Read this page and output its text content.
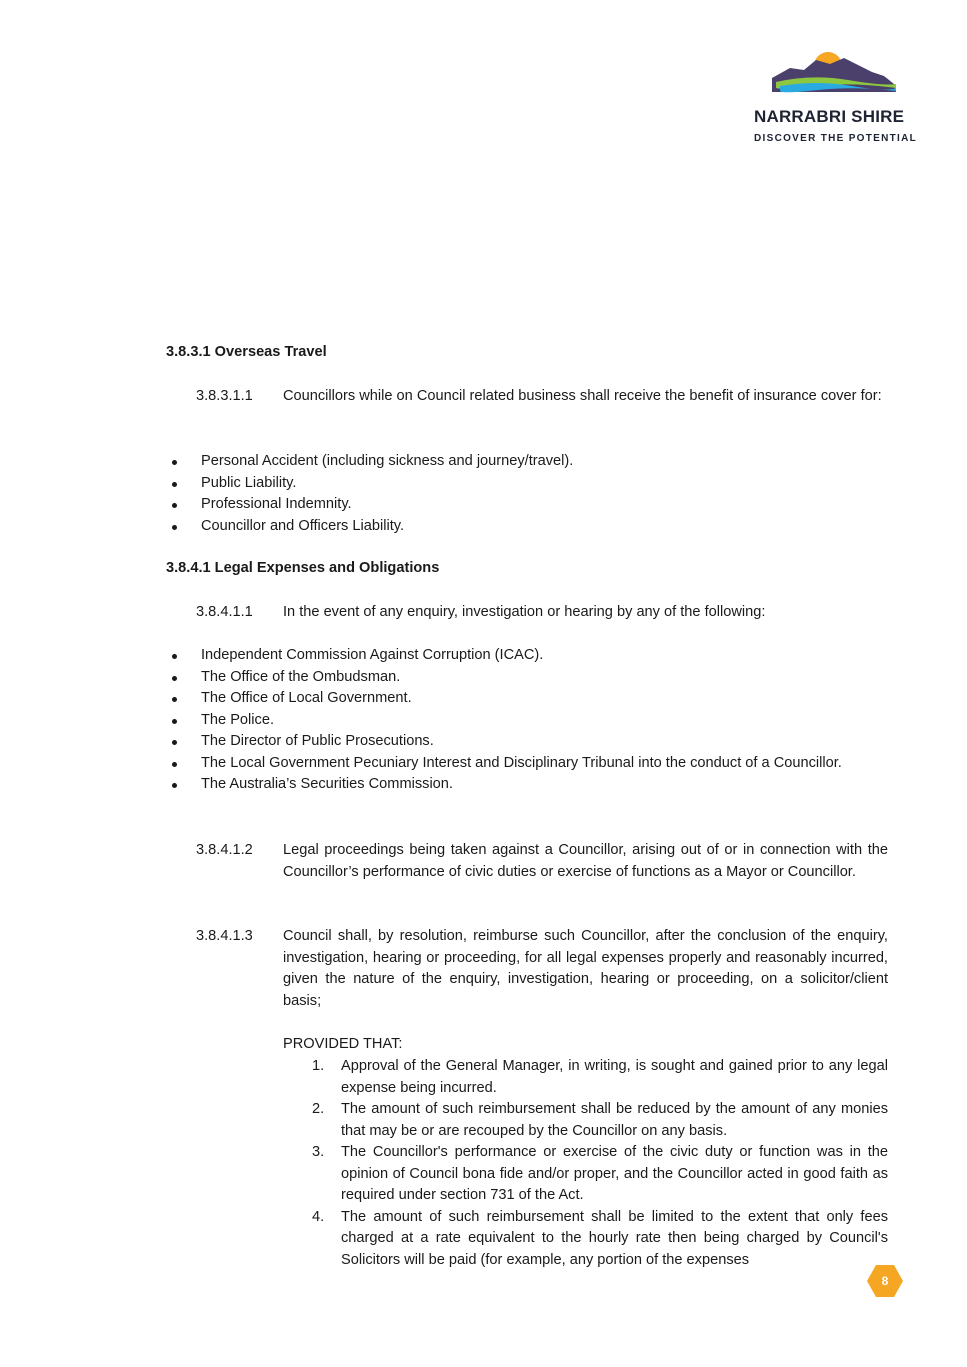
NARRABRI SHIRE
DISCOVER THE POTENTIAL
3.8.3.1 Overseas Travel
3.8.3.1.1 Councillors while on Council related business shall receive the benefit of insurance cover for:
Personal Accident (including sickness and journey/travel).
Public Liability.
Professional Indemnity.
Councillor and Officers Liability.
3.8.4.1 Legal Expenses and Obligations
3.8.4.1.1 In the event of any enquiry, investigation or hearing by any of the following:
Independent Commission Against Corruption (ICAC).
The Office of the Ombudsman.
The Office of Local Government.
The Police.
The Director of Public Prosecutions.
The Local Government Pecuniary Interest and Disciplinary Tribunal into the conduct of a Councillor.
The Australia’s Securities Commission.
3.8.4.1.2 Legal proceedings being taken against a Councillor, arising out of or in connection with the Councillor’s performance of civic duties or exercise of functions as a Mayor or Councillor.
3.8.4.1.3 Council shall, by resolution, reimburse such Councillor, after the conclusion of the enquiry, investigation, hearing or proceeding, for all legal expenses properly and reasonably incurred, given the nature of the enquiry, investigation, hearing or proceeding, on a solicitor/client basis;
PROVIDED THAT:
1. Approval of the General Manager, in writing, is sought and gained prior to any legal expense being incurred.
2. The amount of such reimbursement shall be reduced by the amount of any monies that may be or are recouped by the Councillor on any basis.
3. The Councillor's performance or exercise of the civic duty or function was in the opinion of Council bona fide and/or proper, and the Councillor acted in good faith as required under section 731 of the Act.
4. The amount of such reimbursement shall be limited to the extent that only fees charged at a rate equivalent to the hourly rate then being charged by Council's Solicitors will be paid (for example, any portion of the expenses
8
